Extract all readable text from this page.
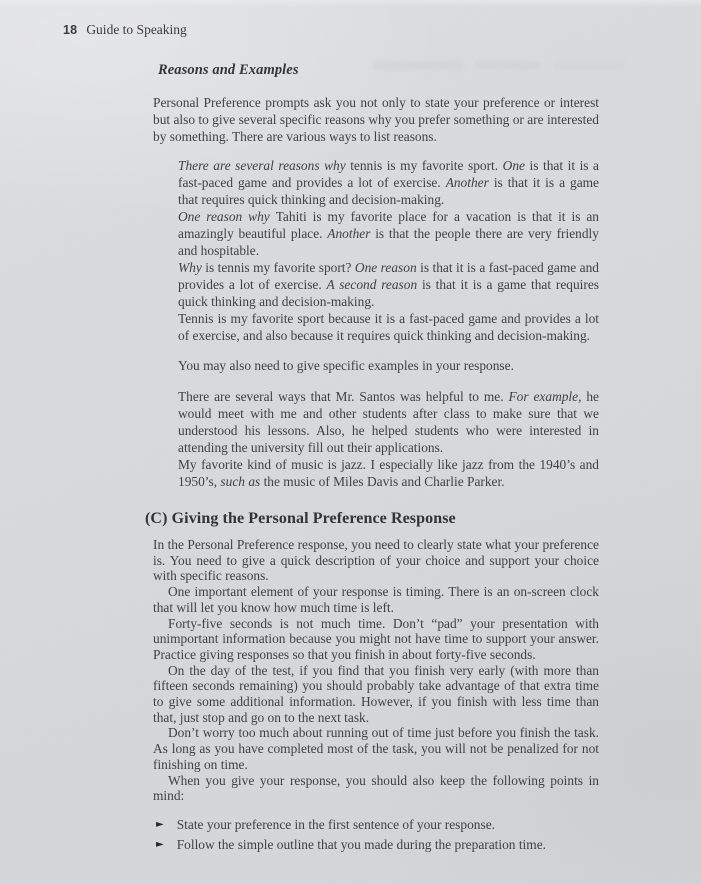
18 Guide to Speaking
Reasons and Examples

Personal Preference prompts ask you not only to state your preference or interest but also to give several specific reasons why you prefer something or are interested by something. There are various ways to list reasons.

There are several reasons why tennis is my favorite sport. One is that it is a fast-paced game and provides a lot of exercise. Another is that it is a game that requires quick thinking and decision-making.

One reason why Tahiti is my favorite place for a vacation is that it is an amazingly beautiful place. Another is that the people there are very friendly and hospitable.

Why is tennis my favorite sport? One reason is that it is a fast-paced game and provides a lot of exercise. A second reason is that it is a game that requires quick thinking and decision-making.

Tennis is my favorite sport because it is a fast-paced game and provides a lot of exercise, and also because it requires quick thinking and decision-making.

You may also need to give specific examples in your response.

There are several ways that Mr. Santos was helpful to me. For example, he would meet with me and other students after class to make sure that we understood his lessons. Also, he helped students who were interested in attending the university fill out their applications.

My favorite kind of music is jazz. I especially like jazz from the 1940’s and 1950’s, such as the music of Miles Davis and Charlie Parker.

(C) Giving the Personal Preference Response

In the Personal Preference response, you need to clearly state what your preference is. You need to give a quick description of your choice and support your choice with specific reasons.

One important element of your response is timing. There is an on-screen clock that will let you know how much time is left.

Forty-five seconds is not much time. Don’t “pad” your presentation with unimportant information because you might not have time to support your answer. Practice giving responses so that you finish in about forty-five seconds.

On the day of the test, if you find that you finish very early (with more than fifteen seconds remaining) you should probably take advantage of that extra time to give some additional information. However, if you finish with less time than that, just stop and go on to the next task.

Don’t worry too much about running out of time just before you finish the task. As long as you have completed most of the task, you will not be penalized for not finishing on time.

When you give your response, you should also keep the following points in mind:

► State your preference in the first sentence of your response.
► Follow the simple outline that you made during the preparation time.
